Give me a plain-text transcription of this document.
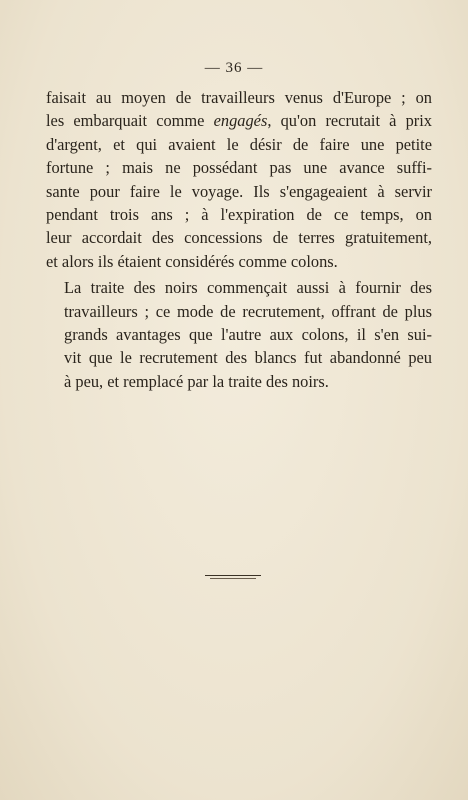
— 36 —

faisait au moyen de travailleurs venus d'Europe ; on
les embarquait comme engagés, qu'on recrutait à prix
d'argent, et qui avaient le désir de faire une petite
fortune ; mais ne possédant pas une avance suffi-
sante pour faire le voyage. Ils s'engageaient à servir
pendant trois ans ; à l'expiration de ce temps, on
leur accordait des concessions de terres gratuitement,
et alors ils étaient considérés comme colons.

La traite des noirs commençait aussi à fournir des
travailleurs ; ce mode de recrutement, offrant de plus
grands avantages que l'autre aux colons, il s'en sui-
vit que le recrutement des blancs fut abandonné peu
à peu, et remplacé par la traite des noirs.
